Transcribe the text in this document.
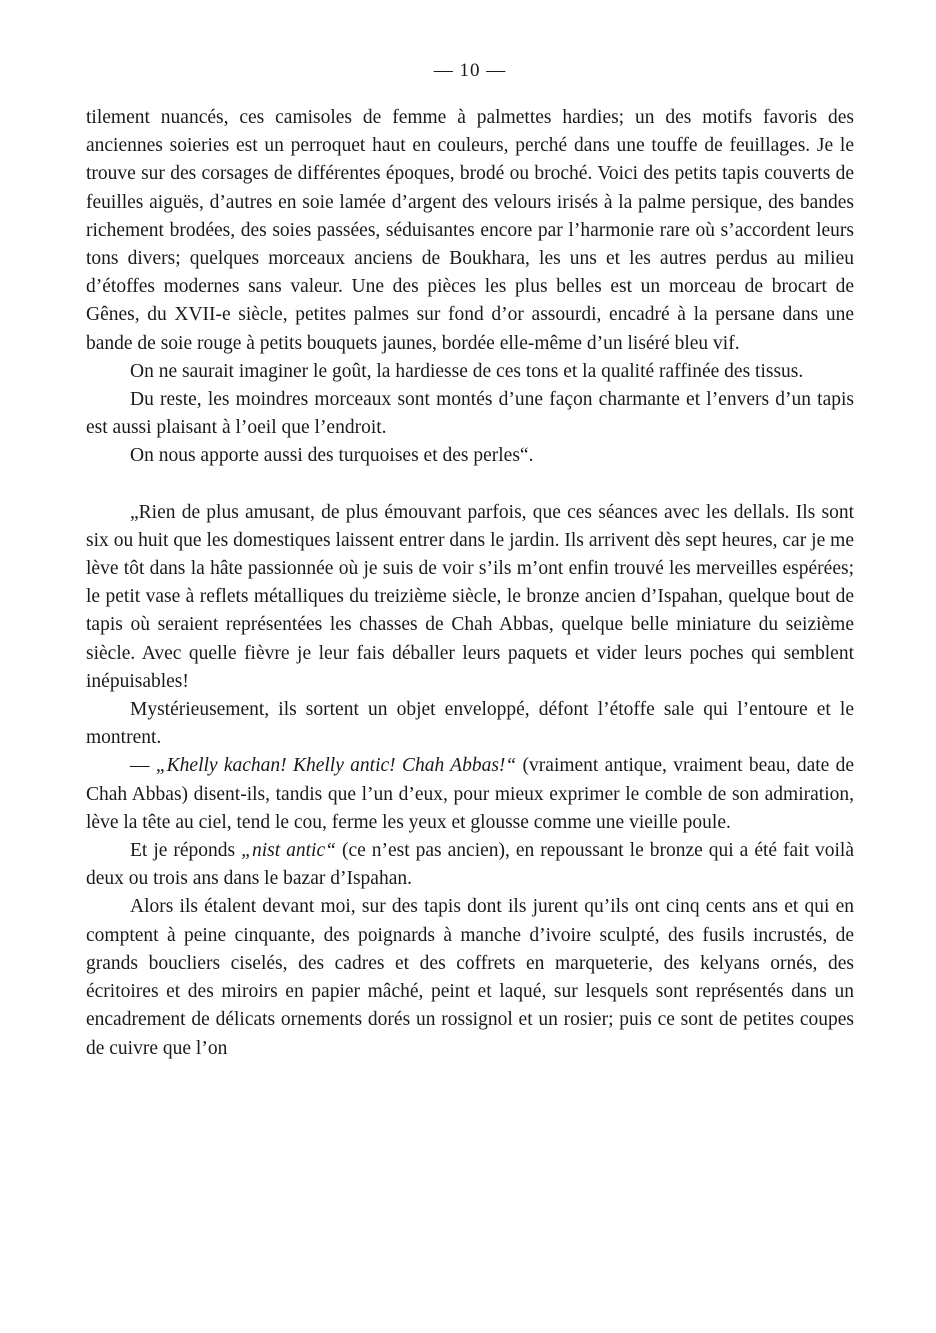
— 10 —

tilement nuancés, ces camisoles de femme à palmettes hardies; un des motifs favoris des anciennes soieries est un perroquet haut en couleurs, perché dans une touffe de feuillages. Je le trouve sur des corsages de différentes époques, brodé ou broché. Voici des petits tapis couverts de feuilles aiguës, d’autres en soie lamée d’argent des velours irisés à la palme persique, des bandes richement brodées, des soies passées, séduisantes encore par l’harmonie rare où s’accordent leurs tons divers; quelques morceaux anciens de Boukhara, les uns et les autres perdus au milieu d’étoffes modernes sans valeur. Une des pièces les plus belles est un morceau de brocart de Gênes, du XVII-e siècle, petites palmes sur fond d’or assourdi, encadré à la persane dans une bande de soie rouge à petits bouquets jaunes, bordée elle-même d’un liséré bleu vif.

On ne saurait imaginer le goût, la hardiesse de ces tons et la qualité raffinée des tissus.

Du reste, les moindres morceaux sont montés d’une façon charmante et l’envers d’un tapis est aussi plaisant à l’oeil que l’endroit.

On nous apporte aussi des turquoises et des perles“.

„Rien de plus amusant, de plus émouvant parfois, que ces séances avec les dellals. Ils sont six ou huit que les domestiques laissent entrer dans le jardin. Ils arrivent dès sept heures, car je me lève tôt dans la hâte passionnée où je suis de voir s’ils m’ont enfin trouvé les merveilles espérées; le petit vase à reflets métalliques du treizième siècle, le bronze ancien d’Ispahan, quelque bout de tapis où seraient représentées les chasses de Chah Abbas, quelque belle miniature du seizième siècle. Avec quelle fièvre je leur fais déballer leurs paquets et vider leurs poches qui semblent inépuisables!

Mystérieusement, ils sortent un objet enveloppé, défont l’étoffe sale qui l’entoure et le montrent.

— „Khelly kachan! Khelly antic! Chah Abbas!“ (vraiment antique, vraiment beau, date de Chah Abbas) disent-ils, tandis que l’un d’eux, pour mieux exprimer le comble de son admiration, lève la tête au ciel, tend le cou, ferme les yeux et glousse comme une vieille poule.

Et je réponds „nist antic“ (ce n’est pas ancien), en repoussant le bronze qui a été fait voilà deux ou trois ans dans le bazar d’Ispahan.

Alors ils étalent devant moi, sur des tapis dont ils jurent qu’ils ont cinq cents ans et qui en comptent à peine cinquante, des poignards à manche d’ivoire sculpté, des fusils incrustés, de grands boucliers ciselés, des cadres et des coffrets en marqueterie, des kelyans ornés, des écritoires et des miroirs en papier mâché, peint et laqué, sur lesquels sont représentés dans un encadrement de délicats ornements dorés un rossignol et un rosier; puis ce sont de petites coupes de cuivre que l’on
